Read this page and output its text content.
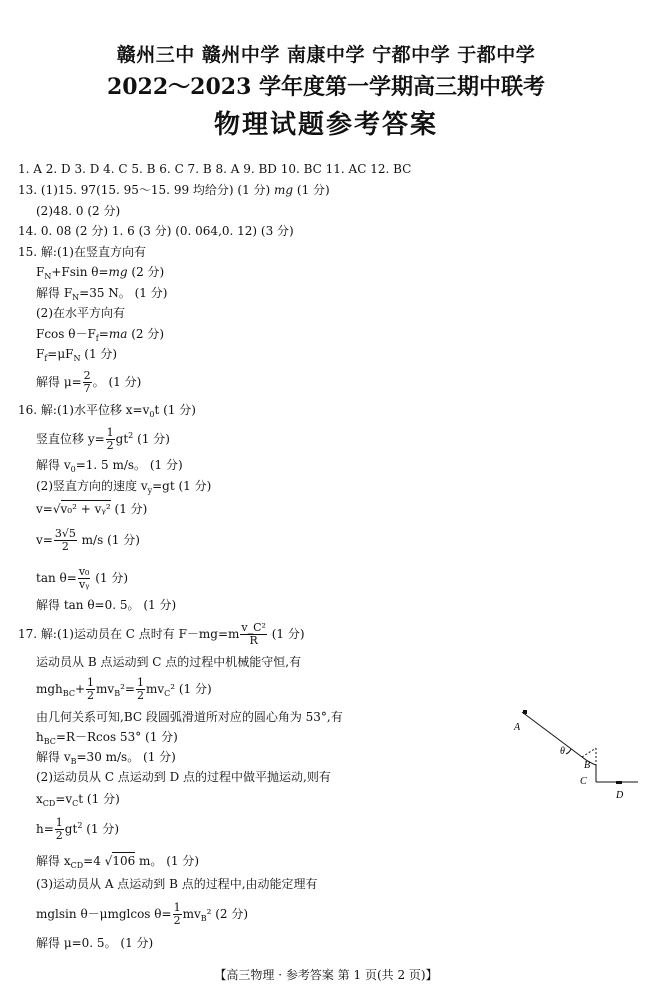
赣州三中 赣州中学 南康中学 宁都中学 于都中学
2022～2023 学年度第一学期高三期中联考
物理试题参考答案
1. A 2. D 3. D 4. C 5. B 6. C 7. B 8. A 9. BD 10. BC 11. AC 12. BC
13. (1)15. 97(15. 95～15. 99 均给分) (1 分) mg (1 分)
(2)48. 0 (2 分)
14. 0. 08 (2 分) 1. 6 (3 分) (0. 064,0. 12) (3 分)
15. 解:(1)在竖直方向有
$F_N+Fsin$ θ=mg (2 分)
解得 $F_N=35$ N。 (1 分)
(2)在水平方向有
Fcos $\theta-F_f=ma$ (2 分)
$F_f=\mu F_N$ (1 分)
解得 $\mu= \frac{2}{7}$ 。 (1 分)
16. 解:(1)水平位移 $x=v_0t$ (1 分)
竖直位移 $y= \frac{1}{2} gt^2$ (1 分)
解得 $v_0=1$. 5 m/s。 (1 分)
(2)竖直方向的速度 $v_y=gt$ (1 分)
v=√v₀² + vᵧ² (1 分)
$v= \frac{3√5}{2} m/s$ (1 分)
$\tan \theta= \frac{\text{v₀}}{\text{vᵧ}} (1$ 分)
解得 tan θ=0. 5。 (1 分)
17. 解:(1)运动员在 C 点时有 $F-mg=m \frac{\text{v\_C²}}{R} (1$ 分)
运动员从 B 点运动到 C 点的过程中机械能守恒,有
$mgh_{BC}+ \frac{1}{2} mv_B^2= \frac{1}{2} mv_C^2$ (1 分)
由几何关系可知,BC 段圆弧滑道所对应的圆心角为 53°,有
$h_{BC}=R-Rcos$ 53° (1 分)
解得 $v_B=30$ m/s。 (1 分)
(2)运动员从 C 点运动到 D 点的过程中做平抛运动,则有
$x_{CD}=v_Ct$ (1 分)
$h= \frac{1}{2} gt^2$ (1 分)
解得 $x_{CD}=4$ √106 m。 (1 分)
(3)运动员从 A 点运动到 B 点的过程中,由动能定理有
mglsin θ－μmglcos $\theta= \frac{1}{2} mv_B^2$ (2 分)
解得 μ=0. 5。 (1 分)
A
θ
B
C
D
【高三物理 · 参考答案 第 1 页(共 2 页)】
